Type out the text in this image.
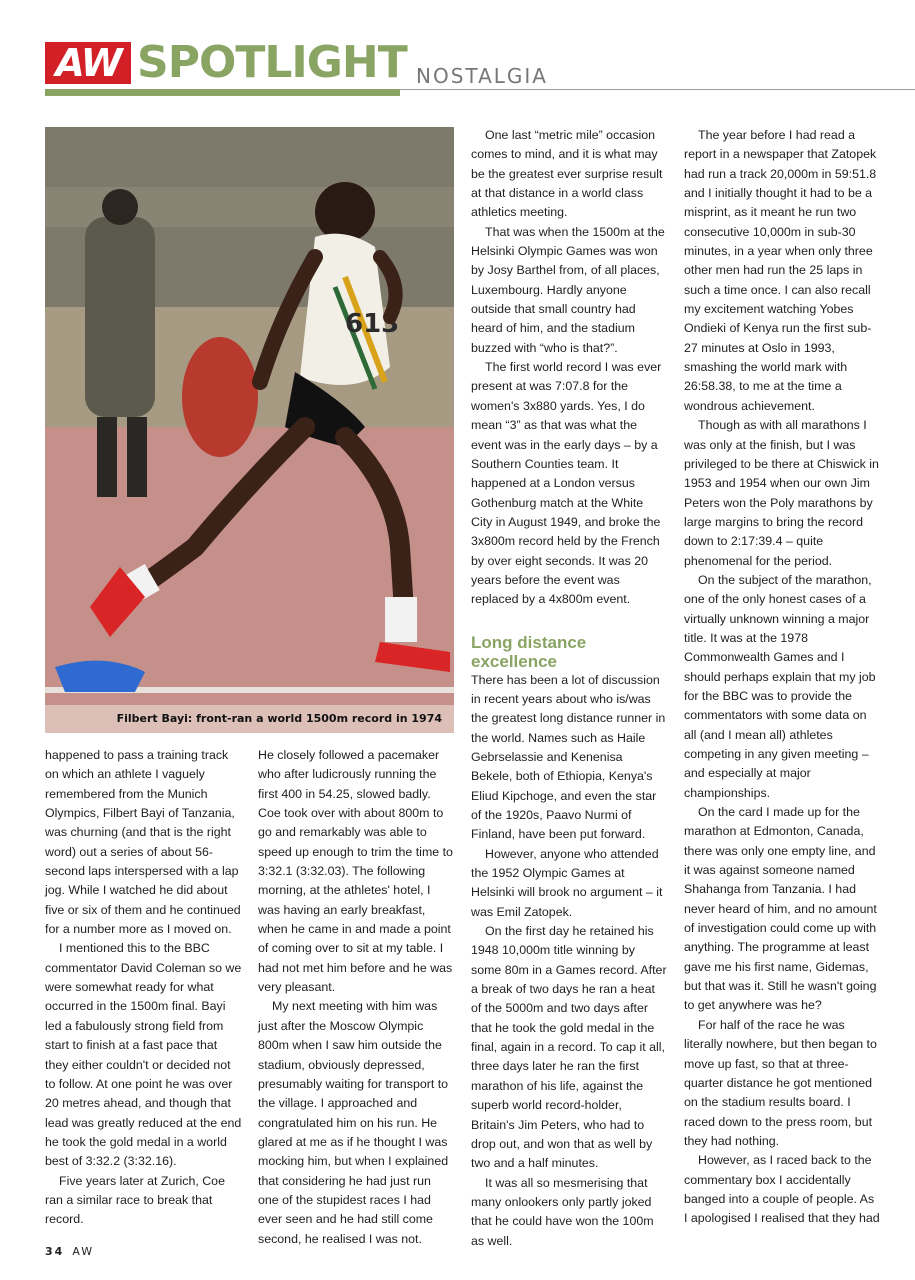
AW SPOTLIGHT NOSTALGIA
613
Filbert Bayi: front-ran a world 1500m record in 1974

happened to pass a training track on which an athlete I vaguely remembered from the Munich Olympics, Filbert Bayi of Tanzania, was churning (and that is the right word) out a series of about 56-second laps interspersed with a lap jog. While I watched he did about five or six of them and he continued for a number more as I moved on.

I mentioned this to the BBC commentator David Coleman so we were somewhat ready for what occurred in the 1500m final. Bayi led a fabulously strong field from start to finish at a fast pace that they either couldn't or decided not to follow. At one point he was over 20 metres ahead, and though that lead was greatly reduced at the end he took the gold medal in a world best of 3:32.2 (3:32.16).

Five years later at Zurich, Coe ran a similar race to break that record.

He closely followed a pacemaker who after ludicrously running the first 400 in 54.25, slowed badly. Coe took over with about 800m to go and remarkably was able to speed up enough to trim the time to 3:32.1 (3:32.03). The following morning, at the athletes' hotel, I was having an early breakfast, when he came in and made a point of coming over to sit at my table. I had not met him before and he was very pleasant.

My next meeting with him was just after the Moscow Olympic 800m when I saw him outside the stadium, obviously depressed, presumably waiting for transport to the village. I approached and congratulated him on his run. He glared at me as if he thought I was mocking him, but when I explained that considering he had just run one of the stupidest races I had ever seen and he had still come second, he realised I was not.

One last “metric mile” occasion comes to mind, and it is what may be the greatest ever surprise result at that distance in a world class athletics meeting.

That was when the 1500m at the Helsinki Olympic Games was won by Josy Barthel from, of all places, Luxembourg. Hardly anyone outside that small country had heard of him, and the stadium buzzed with “who is that?”.

The first world record I was ever present at was 7:07.8 for the women's 3x880 yards. Yes, I do mean “3” as that was what the event was in the early days – by a Southern Counties team. It happened at a London versus Gothenburg match at the White City in August 1949, and broke the 3x800m record held by the French by over eight seconds. It was 20 years before the event was replaced by a 4x800m event.

Long distance excellence

There has been a lot of discussion in recent years about who is/was the greatest long distance runner in the world. Names such as Haile Gebrselassie and Kenenisa Bekele, both of Ethiopia, Kenya's Eliud Kipchoge, and even the star of the 1920s, Paavo Nurmi of Finland, have been put forward.

However, anyone who attended the 1952 Olympic Games at Helsinki will brook no argument – it was Emil Zatopek.

On the first day he retained his 1948 10,000m title winning by some 80m in a Games record. After a break of two days he ran a heat of the 5000m and two days after that he took the gold medal in the final, again in a record. To cap it all, three days later he ran the first marathon of his life, against the superb world record-holder, Britain's Jim Peters, who had to drop out, and won that as well by two and a half minutes.

It was all so mesmerising that many onlookers only partly joked that he could have won the 100m as well.

The year before I had read a report in a newspaper that Zatopek had run a track 20,000m in 59:51.8 and I initially thought it had to be a misprint, as it meant he run two consecutive 10,000m in sub-30 minutes, in a year when only three other men had run the 25 laps in such a time once. I can also recall my excitement watching Yobes Ondieki of Kenya run the first sub-27 minutes at Oslo in 1993, smashing the world mark with 26:58.38, to me at the time a wondrous achievement.

Though as with all marathons I was only at the finish, but I was privileged to be there at Chiswick in 1953 and 1954 when our own Jim Peters won the Poly marathons by large margins to bring the record down to 2:17:39.4 – quite phenomenal for the period.

On the subject of the marathon, one of the only honest cases of a virtually unknown winning a major title. It was at the 1978 Commonwealth Games and I should perhaps explain that my job for the BBC was to provide the commentators with some data on all (and I mean all) athletes competing in any given meeting – and especially at major championships.

On the card I made up for the marathon at Edmonton, Canada, there was only one empty line, and it was against someone named Shahanga from Tanzania. I had never heard of him, and no amount of investigation could come up with anything. The programme at least gave me his first name, Gidemas, but that was it. Still he wasn't going to get anywhere was he?

For half of the race he was literally nowhere, but then began to move up fast, so that at three-quarter distance he got mentioned on the stadium results board. I raced down to the press room, but they had nothing.

However, as I raced back to the commentary box I accidentally banged into a couple of people. As I apologised I realised that they had

34 AW
